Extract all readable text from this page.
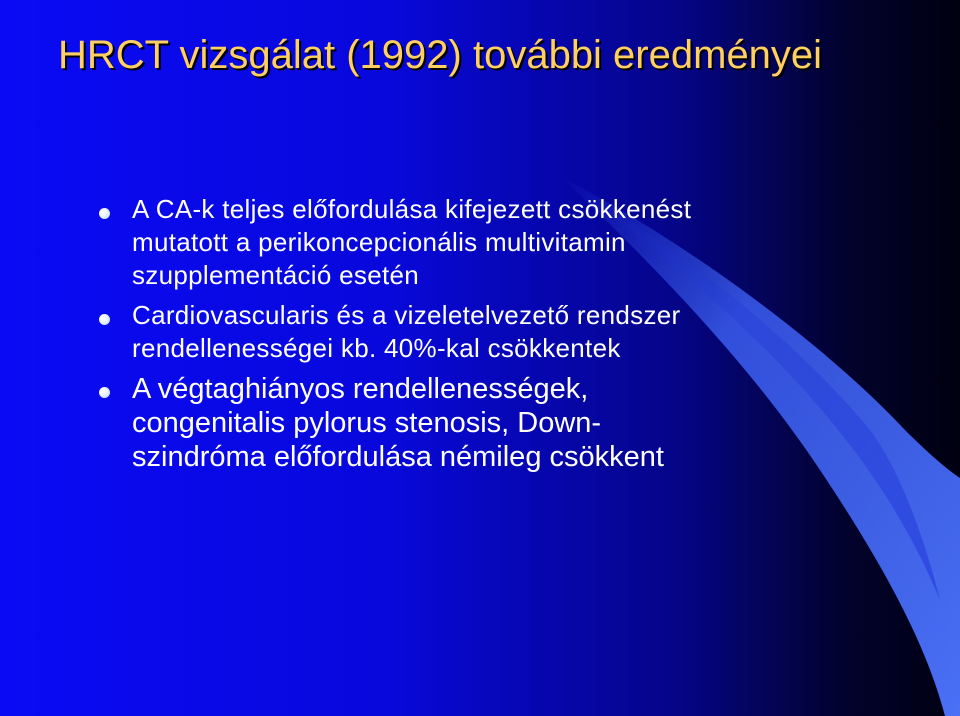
HRCT vizsgálat (1992) további eredményei
A CA-k teljes előfordulása kifejezett csökkenést mutatott a perikoncepcionális multivitamin szupplementáció esetén
Cardiovascularis és a vizeletelvezető rendszer rendellenességei kb. 40%-kal csökkentek
A végtaghiányos rendellenességek, congenitalis pylorus stenosis, Down-szindróma előfordulása némileg csökkent
